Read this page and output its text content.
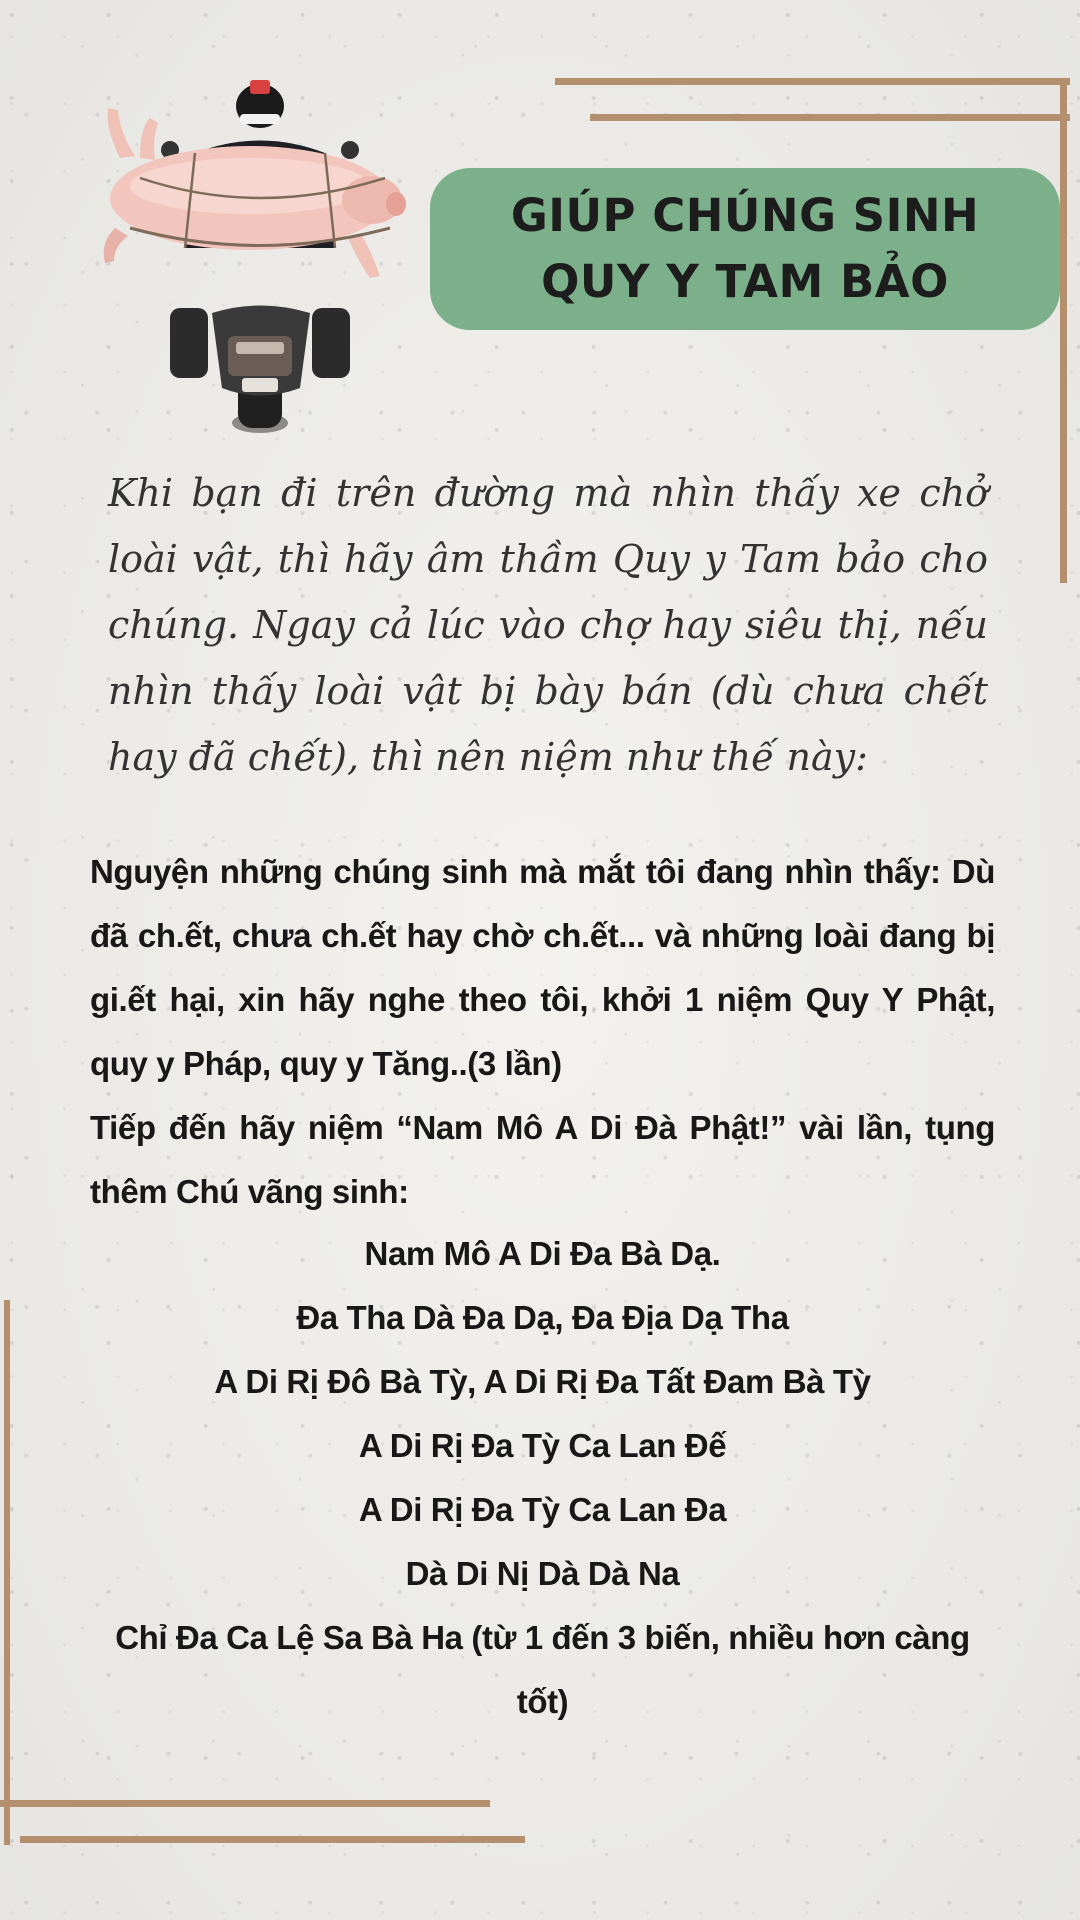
GIÚP CHÚNG SINH
QUY Y TAM BẢO

Khi bạn đi trên đường mà nhìn thấy xe chở loài vật, thì hãy âm thầm Quy y Tam bảo cho chúng. Ngay cả lúc vào chợ hay siêu thị, nếu nhìn thấy loài vật bị bày bán (dù chưa chết hay đã chết), thì nên niệm như thế này:

Nguyện những chúng sinh mà mắt tôi đang nhìn thấy: Dù đã ch.ết, chưa ch.ết hay chờ ch.ết... và những loài đang bị gi.ết hại, xin hãy nghe theo tôi, khởi 1 niệm Quy Y Phật, quy y Pháp, quy y Tăng..(3 lần)

Tiếp đến hãy niệm “Nam Mô A Di Đà Phật!” vài lần, tụng thêm Chú vãng sinh:

Nam Mô A Di Đa Bà Dạ.
Đa Tha Dà Đa Dạ, Đa Địa Dạ Tha
A Di Rị Đô Bà Tỳ, A Di Rị Đa Tất Đam Bà Tỳ
A Di Rị Đa Tỳ Ca Lan Đế
A Di Rị Đa Tỳ Ca Lan Đa
Dà Di Nị Dà Dà Na
Chỉ Đa Ca Lệ Sa Bà Ha (từ 1 đến 3 biến, nhiều hơn càng tốt)
